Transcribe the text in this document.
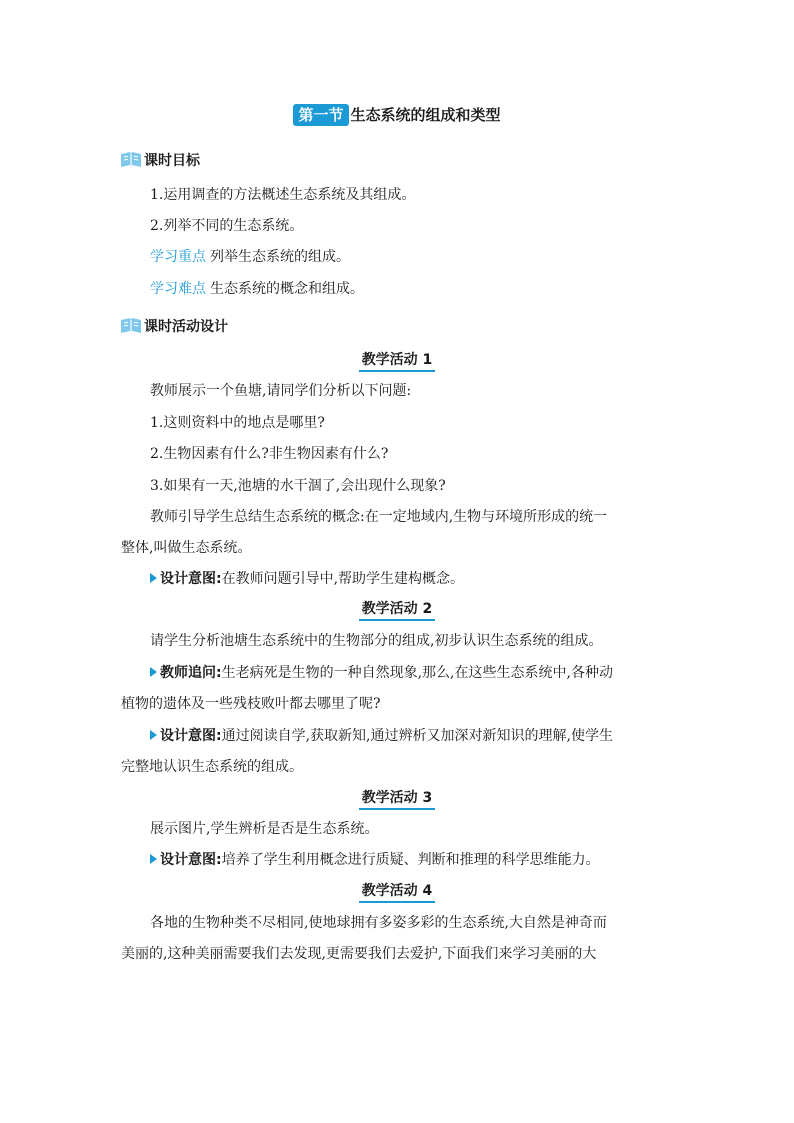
第一节 生态系统的组成和类型
课时目标
1.运用调查的方法概述生态系统及其组成。
2.列举不同的生态系统。
学习重点 列举生态系统的组成。
学习难点 生态系统的概念和组成。
课时活动设计
教学活动 1
教师展示一个鱼塘,请同学们分析以下问题:
1.这则资料中的地点是哪里?
2.生物因素有什么?非生物因素有什么?
3.如果有一天,池塘的水干涸了,会出现什么现象?
教师引导学生总结生态系统的概念:在一定地域内,生物与环境所形成的统一
整体,叫做生态系统。
设计意图:在教师问题引导中,帮助学生建构概念。
教学活动 2
请学生分析池塘生态系统中的生物部分的组成,初步认识生态系统的组成。
教师追问:生老病死是生物的一种自然现象,那么,在这些生态系统中,各种动
植物的遗体及一些残枝败叶都去哪里了呢?
设计意图:通过阅读自学,获取新知,通过辨析又加深对新知识的理解,使学生
完整地认识生态系统的组成。
教学活动 3
展示图片,学生辨析是否是生态系统。
设计意图:培养了学生利用概念进行质疑、判断和推理的科学思维能力。
教学活动 4
各地的生物种类不尽相同,使地球拥有多姿多彩的生态系统,大自然是神奇而
美丽的,这种美丽需要我们去发现,更需要我们去爱护,下面我们来学习美丽的大
